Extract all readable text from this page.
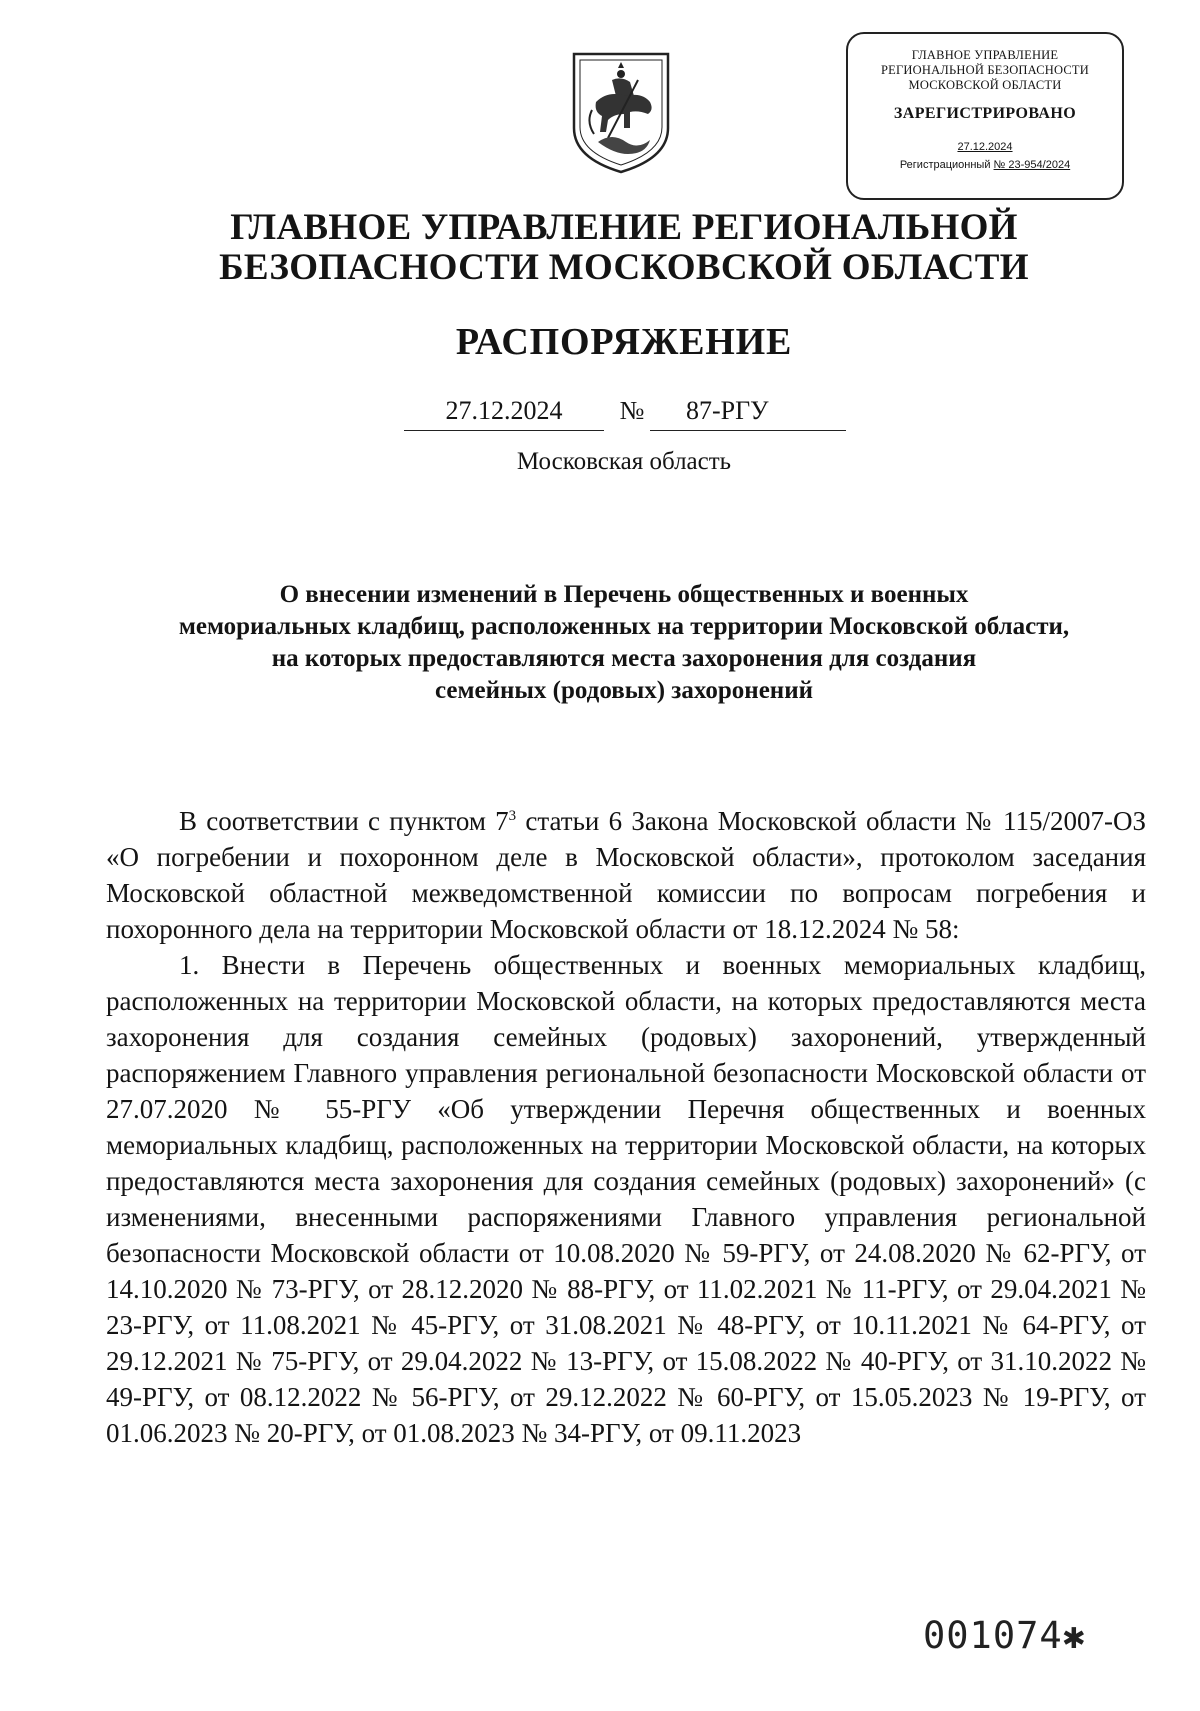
ГЛАВНОЕ УПРАВЛЕНИЕ
РЕГИОНАЛЬНОЙ БЕЗОПАСНОСТИ
МОСКОВСКОЙ ОБЛАСТИ
ЗАРЕГИСТРИРОВАНО
27.12.2024
Регистрационный № 23-954/2024
ГЛАВНОЕ УПРАВЛЕНИЕ РЕГИОНАЛЬНОЙ
БЕЗОПАСНОСТИ МОСКОВСКОЙ ОБЛАСТИ
РАСПОРЯЖЕНИЕ
27.12.2024	№	87-РГУ
Московская область
О внесении изменений в Перечень общественных и военных
мемориальных кладбищ, расположенных на территории Московской области,
на которых предоставляются места захоронения для создания
семейных (родовых) захоронений

В соответствии с пунктом $7^3$ статьи 6 Закона Московской области № 115/2007-ОЗ «О погребении и похоронном деле в Московской области», протоколом заседания Московской областной межведомственной комиссии по вопросам погребения и похоронного дела на территории Московской области от 18.12.2024 № 58:

1. Внести в Перечень общественных и военных мемориальных кладбищ, расположенных на территории Московской области, на которых предоставляются места захоронения для создания семейных (родовых) захоронений, утвержденный распоряжением Главного управления региональной безопасности Московской области от 27.07.2020 № 55-РГУ «Об утверждении Перечня общественных и военных мемориальных кладбищ, расположенных на территории Московской области, на которых предоставляются места захоронения для создания семейных (родовых) захоронений» (с изменениями, внесенными распоряжениями Главного управления региональной безопасности Московской области от 10.08.2020 № 59-РГУ, от 24.08.2020 № 62-РГУ, от 14.10.2020 № 73-РГУ, от 28.12.2020 № 88-РГУ, от 11.02.2021 № 11-РГУ, от 29.04.2021 № 23-РГУ, от 11.08.2021 № 45-РГУ, от 31.08.2021 № 48-РГУ, от 10.11.2021 № 64-РГУ, от 29.12.2021 № 75-РГУ, от 29.04.2022 № 13-РГУ, от 15.08.2022 № 40-РГУ, от 31.10.2022 № 49-РГУ, от 08.12.2022 № 56-РГУ, от 29.12.2022 № 60-РГУ, от 15.05.2023 № 19-РГУ, от 01.06.2023 № 20-РГУ, от 01.08.2023 № 34-РГУ, от 09.11.2023

001074✱
